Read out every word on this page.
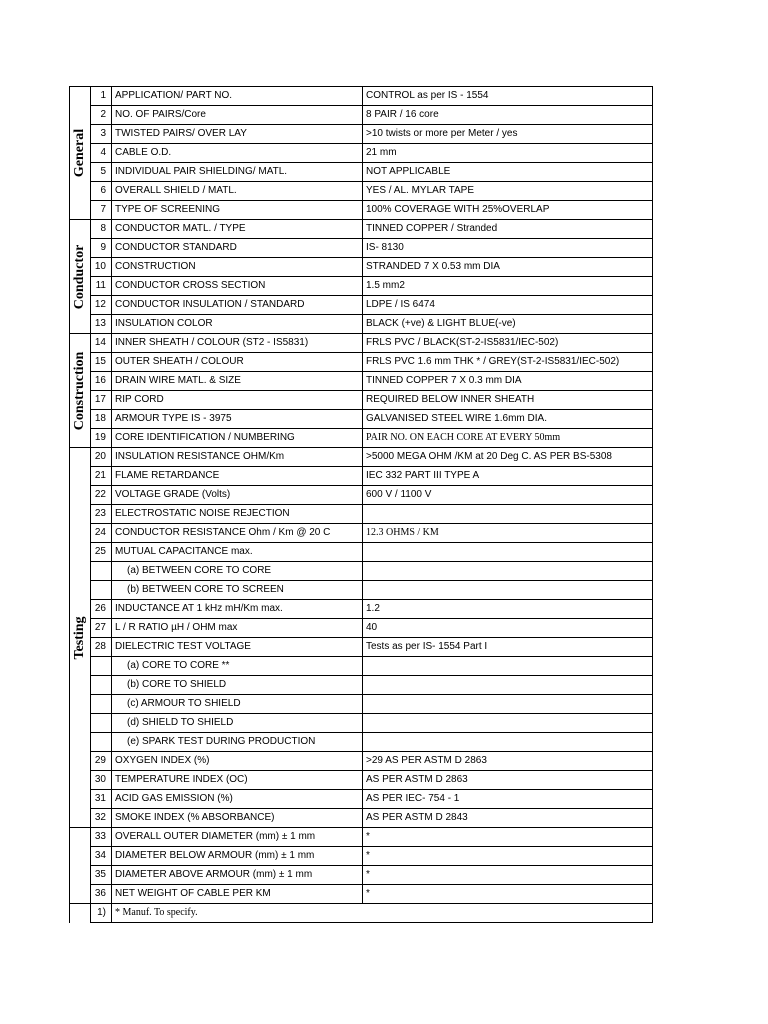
General	1	APPLICATION/ PART NO.	CONTROL as per IS - 1554
	2	NO. OF PAIRS/Core	8 PAIR / 16 core
	3	TWISTED PAIRS/ OVER LAY	>10 twists or more per Meter / yes
	4	CABLE O.D.	21 mm
	5	INDIVIDUAL PAIR SHIELDING/ MATL.	NOT APPLICABLE
	6	OVERALL SHIELD / MATL.	YES / AL. MYLAR TAPE
	7	TYPE OF SCREENING	100% COVERAGE WITH 25%OVERLAP

Conductor	8	CONDUCTOR MATL. / TYPE	TINNED COPPER / Stranded
	9	CONDUCTOR STANDARD	IS- 8130
	10	CONSTRUCTION	STRANDED 7 X 0.53 mm DIA
	11	CONDUCTOR CROSS SECTION	1.5 mm2
	12	CONDUCTOR INSULATION / STANDARD	LDPE / IS 6474
	13	INSULATION COLOR	BLACK (+ve) & LIGHT BLUE(-ve)

Construction	14	INNER SHEATH / COLOUR (ST2 - IS5831)	FRLS PVC / BLACK(ST-2-IS5831/IEC-502)
	15	OUTER SHEATH / COLOUR	FRLS PVC 1.6 mm THK * / GREY(ST-2-IS5831/IEC-502)
	16	DRAIN WIRE MATL. & SIZE	TINNED COPPER 7 X 0.3 mm DIA
	17	RIP CORD	REQUIRED BELOW INNER SHEATH
	18	ARMOUR TYPE IS - 3975	GALVANISED STEEL WIRE 1.6mm DIA.
	19	CORE IDENTIFICATION / NUMBERING	PAIR NO. ON EACH CORE AT EVERY 50mm

Testing	20	INSULATION RESISTANCE OHM/Km	>5000 MEGA OHM /KM at 20 Deg C. AS PER BS-5308
	21	FLAME RETARDANCE	IEC 332 PART III TYPE A
	22	VOLTAGE GRADE (Volts)	600 V / 1100 V
	23	ELECTROSTATIC NOISE REJECTION	
	24	CONDUCTOR RESISTANCE Ohm / Km @ 20 C	12.3 OHMS / KM
	25	MUTUAL CAPACITANCE max.	
		(a) BETWEEN CORE TO CORE	
		(b) BETWEEN CORE TO SCREEN	
	26	INDUCTANCE AT 1 kHz mH/Km max.	1.2
	27	L / R RATIO µH / OHM max	40
	28	DIELECTRIC TEST VOLTAGE	Tests as per IS- 1554 Part I
		(a) CORE TO CORE **	
		(b) CORE TO SHIELD	
		(c) ARMOUR TO SHIELD	
		(d) SHIELD TO SHIELD	
		(e) SPARK TEST DURING PRODUCTION	
	29	OXYGEN INDEX (%)	>29 AS PER ASTM D 2863
	30	TEMPERATURE INDEX (OC)	AS PER ASTM D 2863
	31	ACID GAS EMISSION (%)	AS PER IEC- 754 - 1
	32	SMOKE INDEX (% ABSORBANCE)	AS PER ASTM D 2843
	33	OVERALL OUTER DIAMETER (mm) ± 1 mm	*
	34	DIAMETER BELOW ARMOUR (mm) ± 1 mm	*
	35	DIAMETER ABOVE ARMOUR (mm) ± 1 mm	*
	36	NET WEIGHT OF CABLE PER KM	*
	1)	* Manuf. To specify.	
